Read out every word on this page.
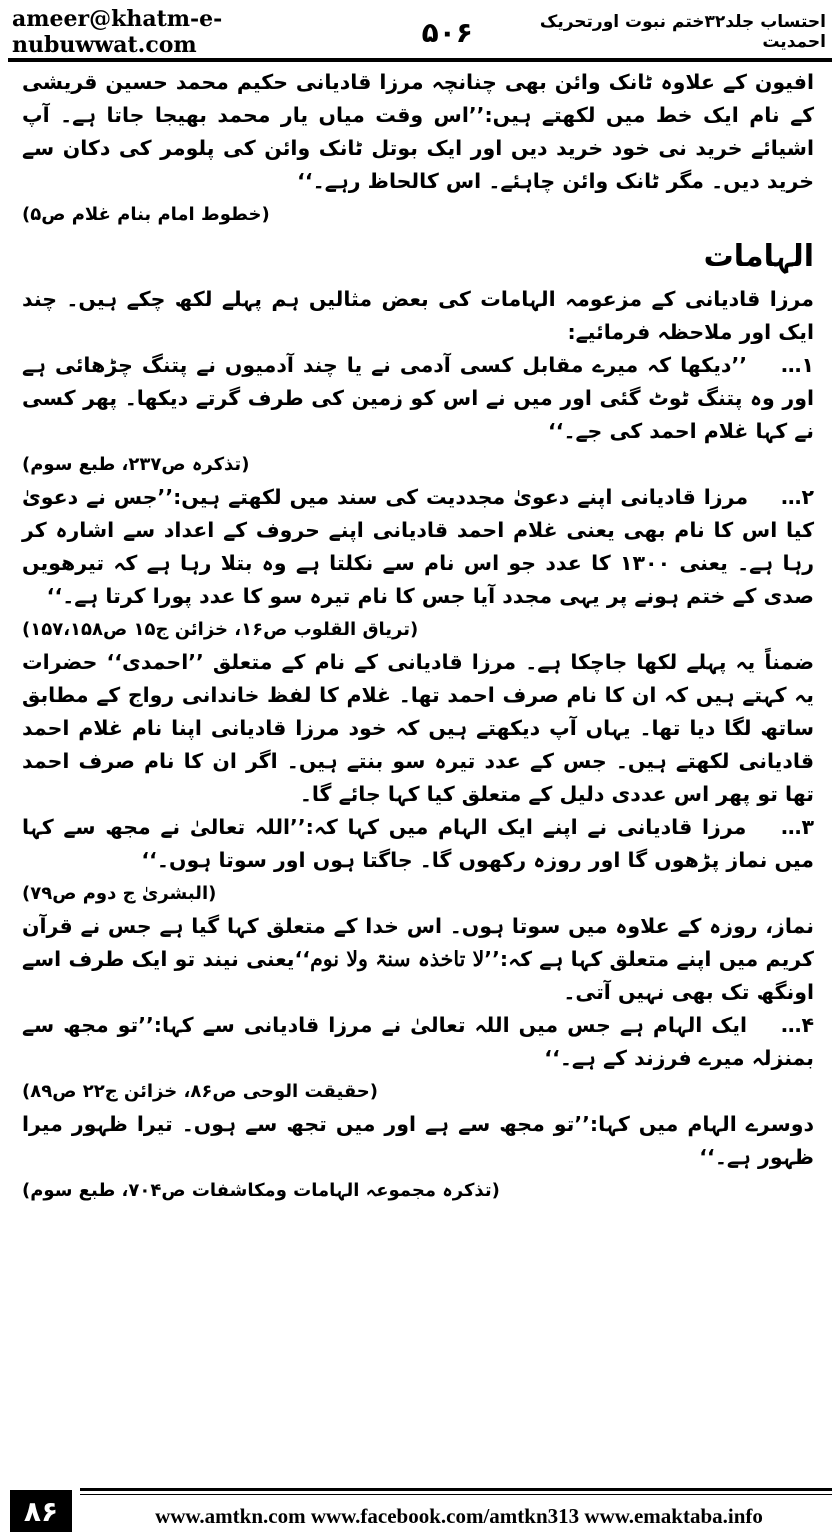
ameer@khatm-e-nubuwwat.com	۵۰۶	احتساب جلد۳۲ختم نبوت اورتحریک احمدیت

افیون کے علاوہ ٹانک وائن بھی چنانچہ مرزا قادیانی حکیم محمد حسین قریشی کے نام ایک خط میں لکھتے ہیں:’’اس وقت میاں یار محمد بھیجا جاتا ہے۔ آپ اشیائے خرید نی خود خرید دیں اور ایک بوتل ٹانک وائن کی پلومر کی دکان سے خرید دیں۔ مگر ٹانک وائن چاہئے۔ اس کالحاظ رہے۔‘‘
(خطوط امام بنام غلام ص۵)

الہامات

مرزا قادیانی کے مزعومہ الہامات کی بعض مثالیں ہم پہلے لکھ چکے ہیں۔ چند ایک اور ملاحظہ فرمائیے:

۱… ’’دیکھا کہ میرے مقابل کسی آدمی نے یا چند آدمیوں نے پتنگ چڑھائی ہے اور وہ پتنگ ٹوٹ گئی اور میں نے اس کو زمین کی طرف گرتے دیکھا۔ پھر کسی نے کہا غلام احمد کی جے۔‘‘
(تذکرہ ص۲۳۷، طبع سوم)

۲… مرزا قادیانی اپنے دعویٰ مجددیت کی سند میں لکھتے ہیں:’’جس نے دعویٰ کیا اس کا نام بھی یعنی غلام احمد قادیانی اپنے حروف کے اعداد سے اشارہ کر رہا ہے۔ یعنی ۱۳۰۰ کا عدد جو اس نام سے نکلتا ہے وہ بتلا رہا ہے کہ تیرھویں صدی کے ختم ہونے پر یہی مجدد آیا جس کا نام تیرہ سو کا عدد پورا کرتا ہے۔‘‘
(تریاق القلوب ص۱۶، خزائن ج۱۵ ص۱۵۷،۱۵۸)

ضمناً یہ پہلے لکھا جاچکا ہے۔ مرزا قادیانی کے نام کے متعلق ’’احمدی‘‘ حضرات یہ کہتے ہیں کہ ان کا نام صرف احمد تھا۔ غلام کا لفظ خاندانی رواج کے مطابق ساتھ لگا دیا تھا۔ یہاں آپ دیکھتے ہیں کہ خود مرزا قادیانی اپنا نام غلام احمد قادیانی لکھتے ہیں۔ جس کے عدد تیرہ سو بنتے ہیں۔ اگر ان کا نام صرف احمد تھا تو پھر اس عددی دلیل کے متعلق کیا کہا جائے گا۔

۳… مرزا قادیانی نے اپنے ایک الہام میں کہا کہ:’’اللہ تعالیٰ نے مجھ سے کہا میں نماز پڑھوں گا اور روزہ رکھوں گا۔ جاگتا ہوں اور سوتا ہوں۔‘‘
(البشریٰ ج دوم ص۷۹)

نماز، روزہ کے علاوہ میں سوتا ہوں۔ اس خدا کے متعلق کہا گیا ہے جس نے قرآن کریم میں اپنے متعلق کہا ہے کہ:’’لا تاخذہ سنۃ ولا نوم‘‘یعنی نیند تو ایک طرف اسے اونگھ تک بھی نہیں آتی۔

۴… ایک الہام ہے جس میں اللہ تعالیٰ نے مرزا قادیانی سے کہا:’’تو مجھ سے بمنزلہ میرے فرزند کے ہے۔‘‘
(حقیقت الوحی ص۸۶، خزائن ج۲۲ ص۸۹)

دوسرے الہام میں کہا:’’تو مجھ سے ہے اور میں تجھ سے ہوں۔ تیرا ظہور میرا ظہور ہے۔‘‘
(تذکرہ مجموعہ الہامات ومکاشفات ص۷۰۴، طبع سوم)

۸۶	www.amtkn.com www.facebook.com/amtkn313 www.emaktaba.info
